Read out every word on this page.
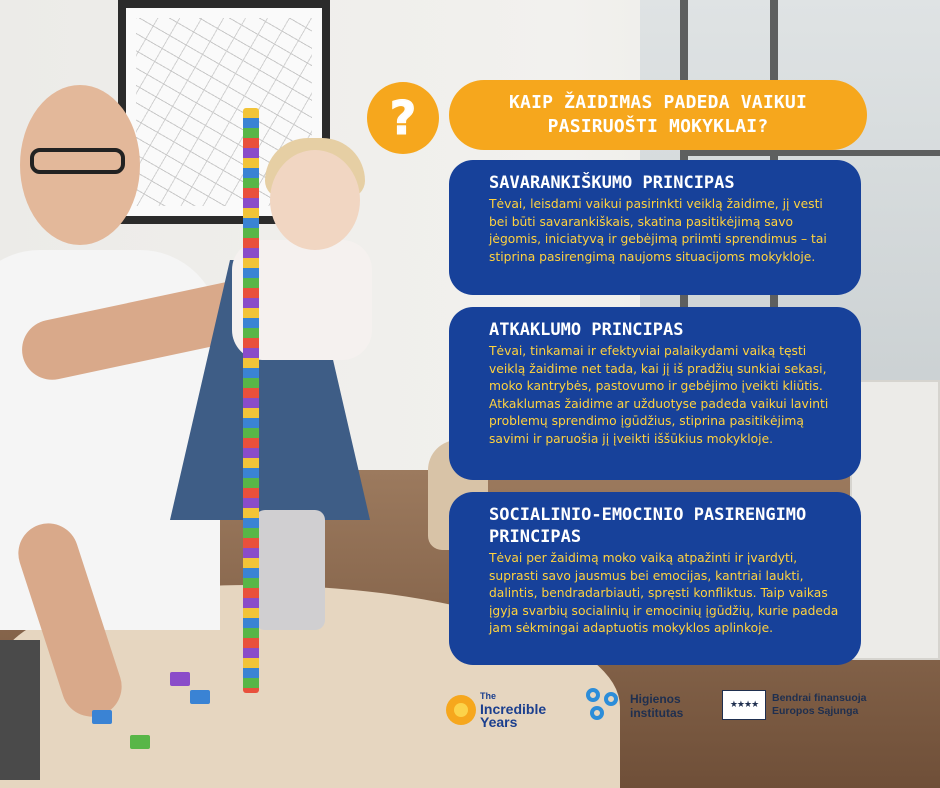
?	KAIP ŽAIDIMAS PADEDA VAIKUI
PASIRUOŠTI MOKYKLAI?
SAVARANKIŠKUMO PRINCIPAS
Tėvai, leisdami vaikui pasirinkti veiklą žaidime, jį vesti bei būti savarankiškais, skatina pasitikėjimą savo jėgomis, iniciatyvą ir gebėjimą priimti sprendimus – tai stiprina pasirengimą naujoms situacijoms mokykloje.
ATKAKLUMO PRINCIPAS
Tėvai, tinkamai ir efektyviai palaikydami vaiką tęsti veiklą žaidime net tada, kai jį iš pradžių sunkiai sekasi, moko kantrybės, pastovumo ir gebėjimo įveikti kliūtis. Atkaklumas žaidime ar užduotyse padeda vaikui lavinti problemų sprendimo įgūdžius, stiprina pasitikėjimą savimi ir paruošia jį įveikti iššūkius mokykloje.
SOCIALINIO-EMOCINIO PASIRENGIMO
PRINCIPAS
Tėvai per žaidimą moko vaiką atpažinti ir įvardyti, suprasti savo jausmus bei emocijas, kantriai laukti, dalintis, bendradarbiauti, spręsti konfliktus. Taip vaikas įgyja svarbių socialinių ir emocinių įgūdžių, kurie padeda jam sėkmingai adaptuotis mokyklos aplinkoje.
The
Incredible
Years
Higienos
institutas
★★★★
Bendrai finansuoja
Europos Sąjunga
